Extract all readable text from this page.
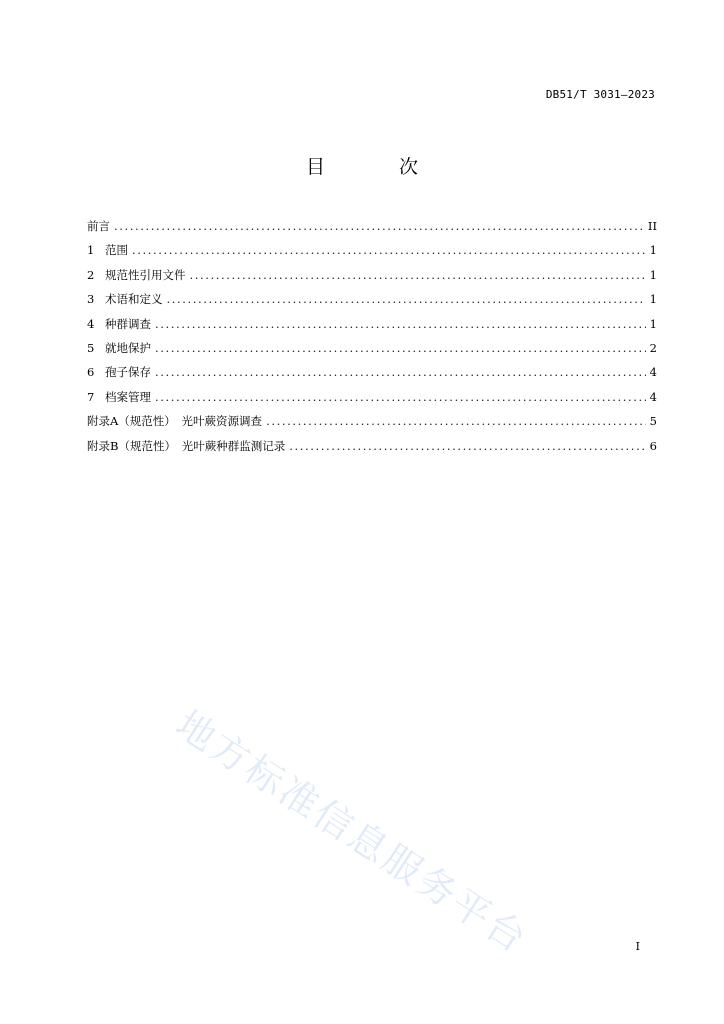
DB51/T 3031—2023
目 次
前言 .....	II
1 范围 .....	1
2 规范性引用文件 .....	1
3 术语和定义 .....	1
4 种群调查 .....	1
5 就地保护 .....	2
6 孢子保存 .....	4
7 档案管理 .....	4
附录A（规范性）　光叶蕨资源调查 .....	5
附录B（规范性）　光叶蕨种群监测记录 .....	6
地方标准信息服务平台	I
